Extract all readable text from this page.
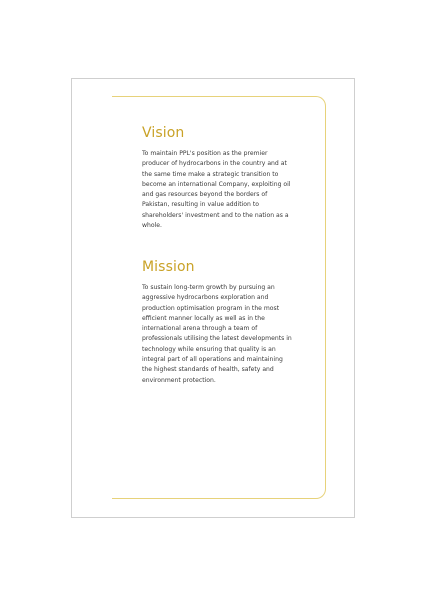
Vision

To maintain PPL's position as the premier producer of hydrocarbons in the country and at the same time make a strategic transition to become an international Company, exploiting oil and gas resources beyond the borders of Pakistan, resulting in value addition to shareholders' investment and to the nation as a whole.

Mission

To sustain long-term growth by pursuing an aggressive hydrocarbons exploration and production optimisation program in the most efficient manner locally as well as in the international arena through a team of professionals utilising the latest developments in technology while ensuring that quality is an integral part of all operations and maintaining the highest standards of health, safety and environment protection.
